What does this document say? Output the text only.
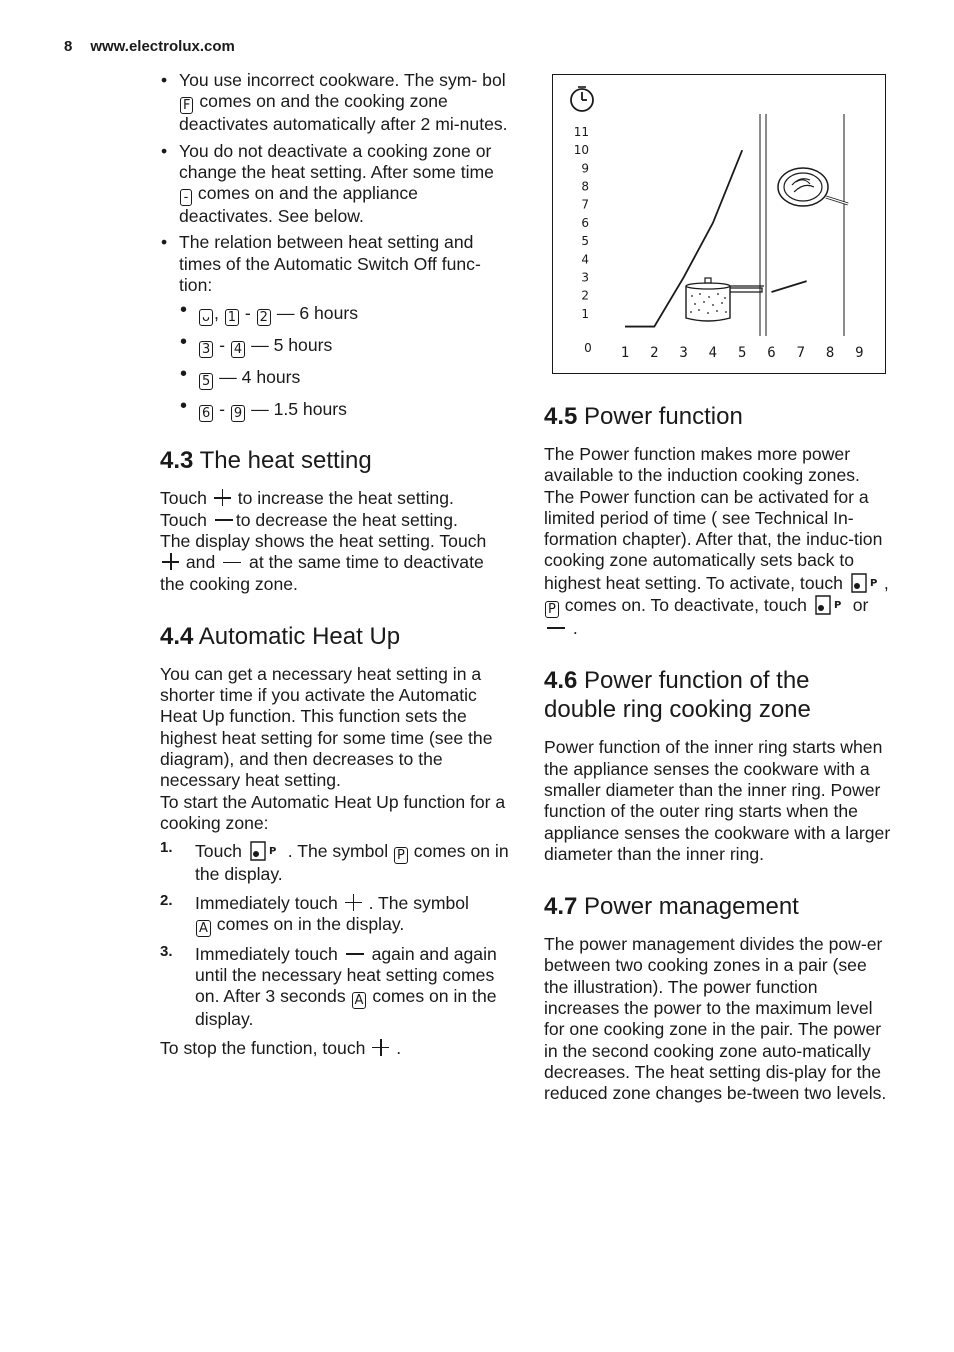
8 www.electrolux.com
• You use incorrect cookware. The sym- bol F comes on and the cooking zone deactivates automatically after 2 mi-nutes.
• You do not deactivate a cooking zone or change the heat setting. After some time - comes on and the appliance deactivates. See below.
• The relation between heat setting and times of the Automatic Switch Off func-tion:
• ᴗ , 1 - 2 — 6 hours
• 3 - 4 — 5 hours
• 5 — 4 hours
• 6 - 9 — 1.5 hours
4.3 The heat setting

Touch to increase the heat setting.
Touch to decrease the heat setting.
The display shows the heat setting. Touch
and at the same time to deactivate the cooking zone.

4.4 Automatic Heat Up

You can get a necessary heat setting in a shorter time if you activate the Automatic Heat Up function. This function sets the highest heat setting for some time (see the diagram), and then decreases to the necessary heat setting.

To start the Automatic Heat Up function for a cooking zone:

1. Touch	P . The symbol P comes on in the display.
2. Immediately touch . The symbol
A comes on in the display.
3. Immediately touch again and again until the necessary heat setting comes on. After 3 seconds A comes on in the display.

To stop the function, touch .

1
2
3
4
5
6
7
8
9
10
11
1 2 3 4 5 6 7 8 9
0
4.5 Power function

The Power function makes more power available to the induction cooking zones. The Power function can be activated for a limited period of time ( see Technical In-formation chapter). After that, the induc-tion cooking zone automatically sets back to highest heat setting. To activate, touch	P , P comes on. To deactivate, touch	P or  .

4.6 Power function of the double ring cooking zone

Power function of the inner ring starts when the appliance senses the cookware with a smaller diameter than the inner ring. Power function of the outer ring starts when the appliance senses the cookware with a larger diameter than the inner ring.

4.7 Power management

The power management divides the pow-er between two cooking zones in a pair (see the illustration). The power function increases the power to the maximum level for one cooking zone in the pair. The power in the second cooking zone auto-matically decreases. The heat setting dis-play for the reduced zone changes be-tween two levels.
